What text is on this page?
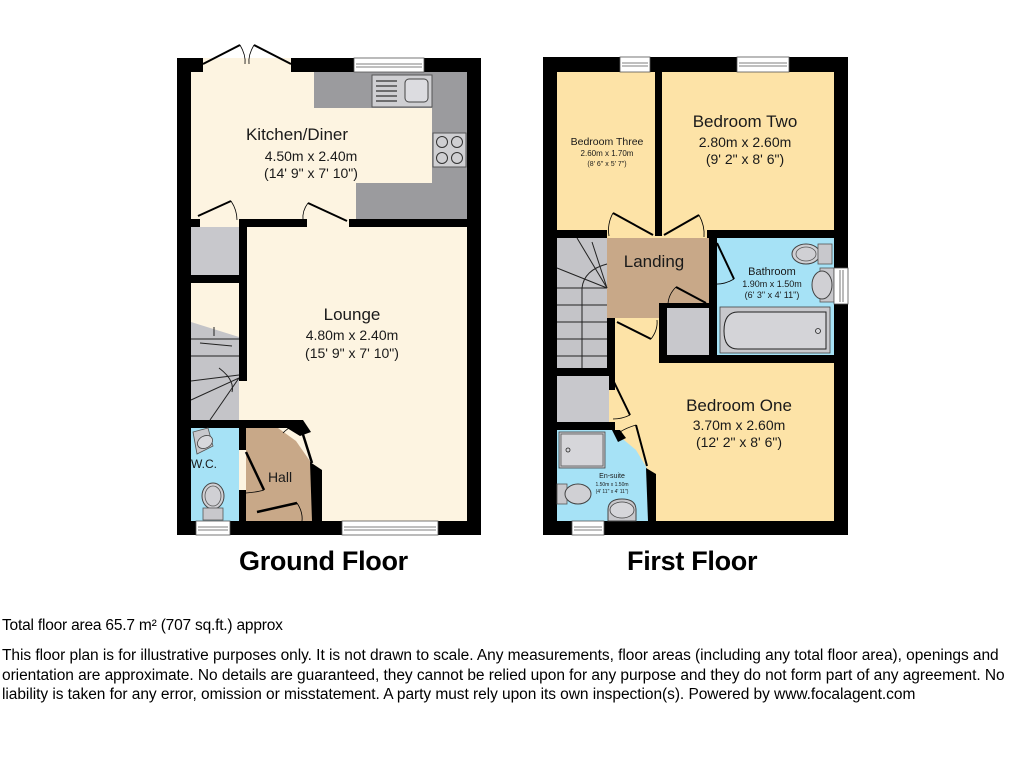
W.C.
Hall
Kitchen/Diner
4.50m x 2.40m
(14' 9" x 7' 10")
Lounge
4.80m x 2.40m
(15' 9" x 7' 10")
Bedroom Three
2.60m x 1.70m
(8' 6" x 5' 7")
Bedroom Two
2.80m x 2.60m
(9' 2" x 8' 6")
Landing
Bathroom
1.90m x 1.50m
(6' 3" x 4' 11")
Bedroom One
3.70m x 2.60m
(12' 2" x 8' 6")
En-suite
1.50m x 1.50m
(4' 11" x 4' 11")
Ground Floor	First Floor
Total floor area 65.7 m² (707 sq.ft.) approx
This floor plan is for illustrative purposes only. It is not drawn to scale. Any measurements, floor areas (including any total floor area), openings and orientation are approximate. No details are guaranteed, they cannot be relied upon for any purpose and they do not form part of any agreement. No liability is taken for any error, omission or misstatement. A party must rely upon its own inspection(s). Powered by www.focalagent.com
